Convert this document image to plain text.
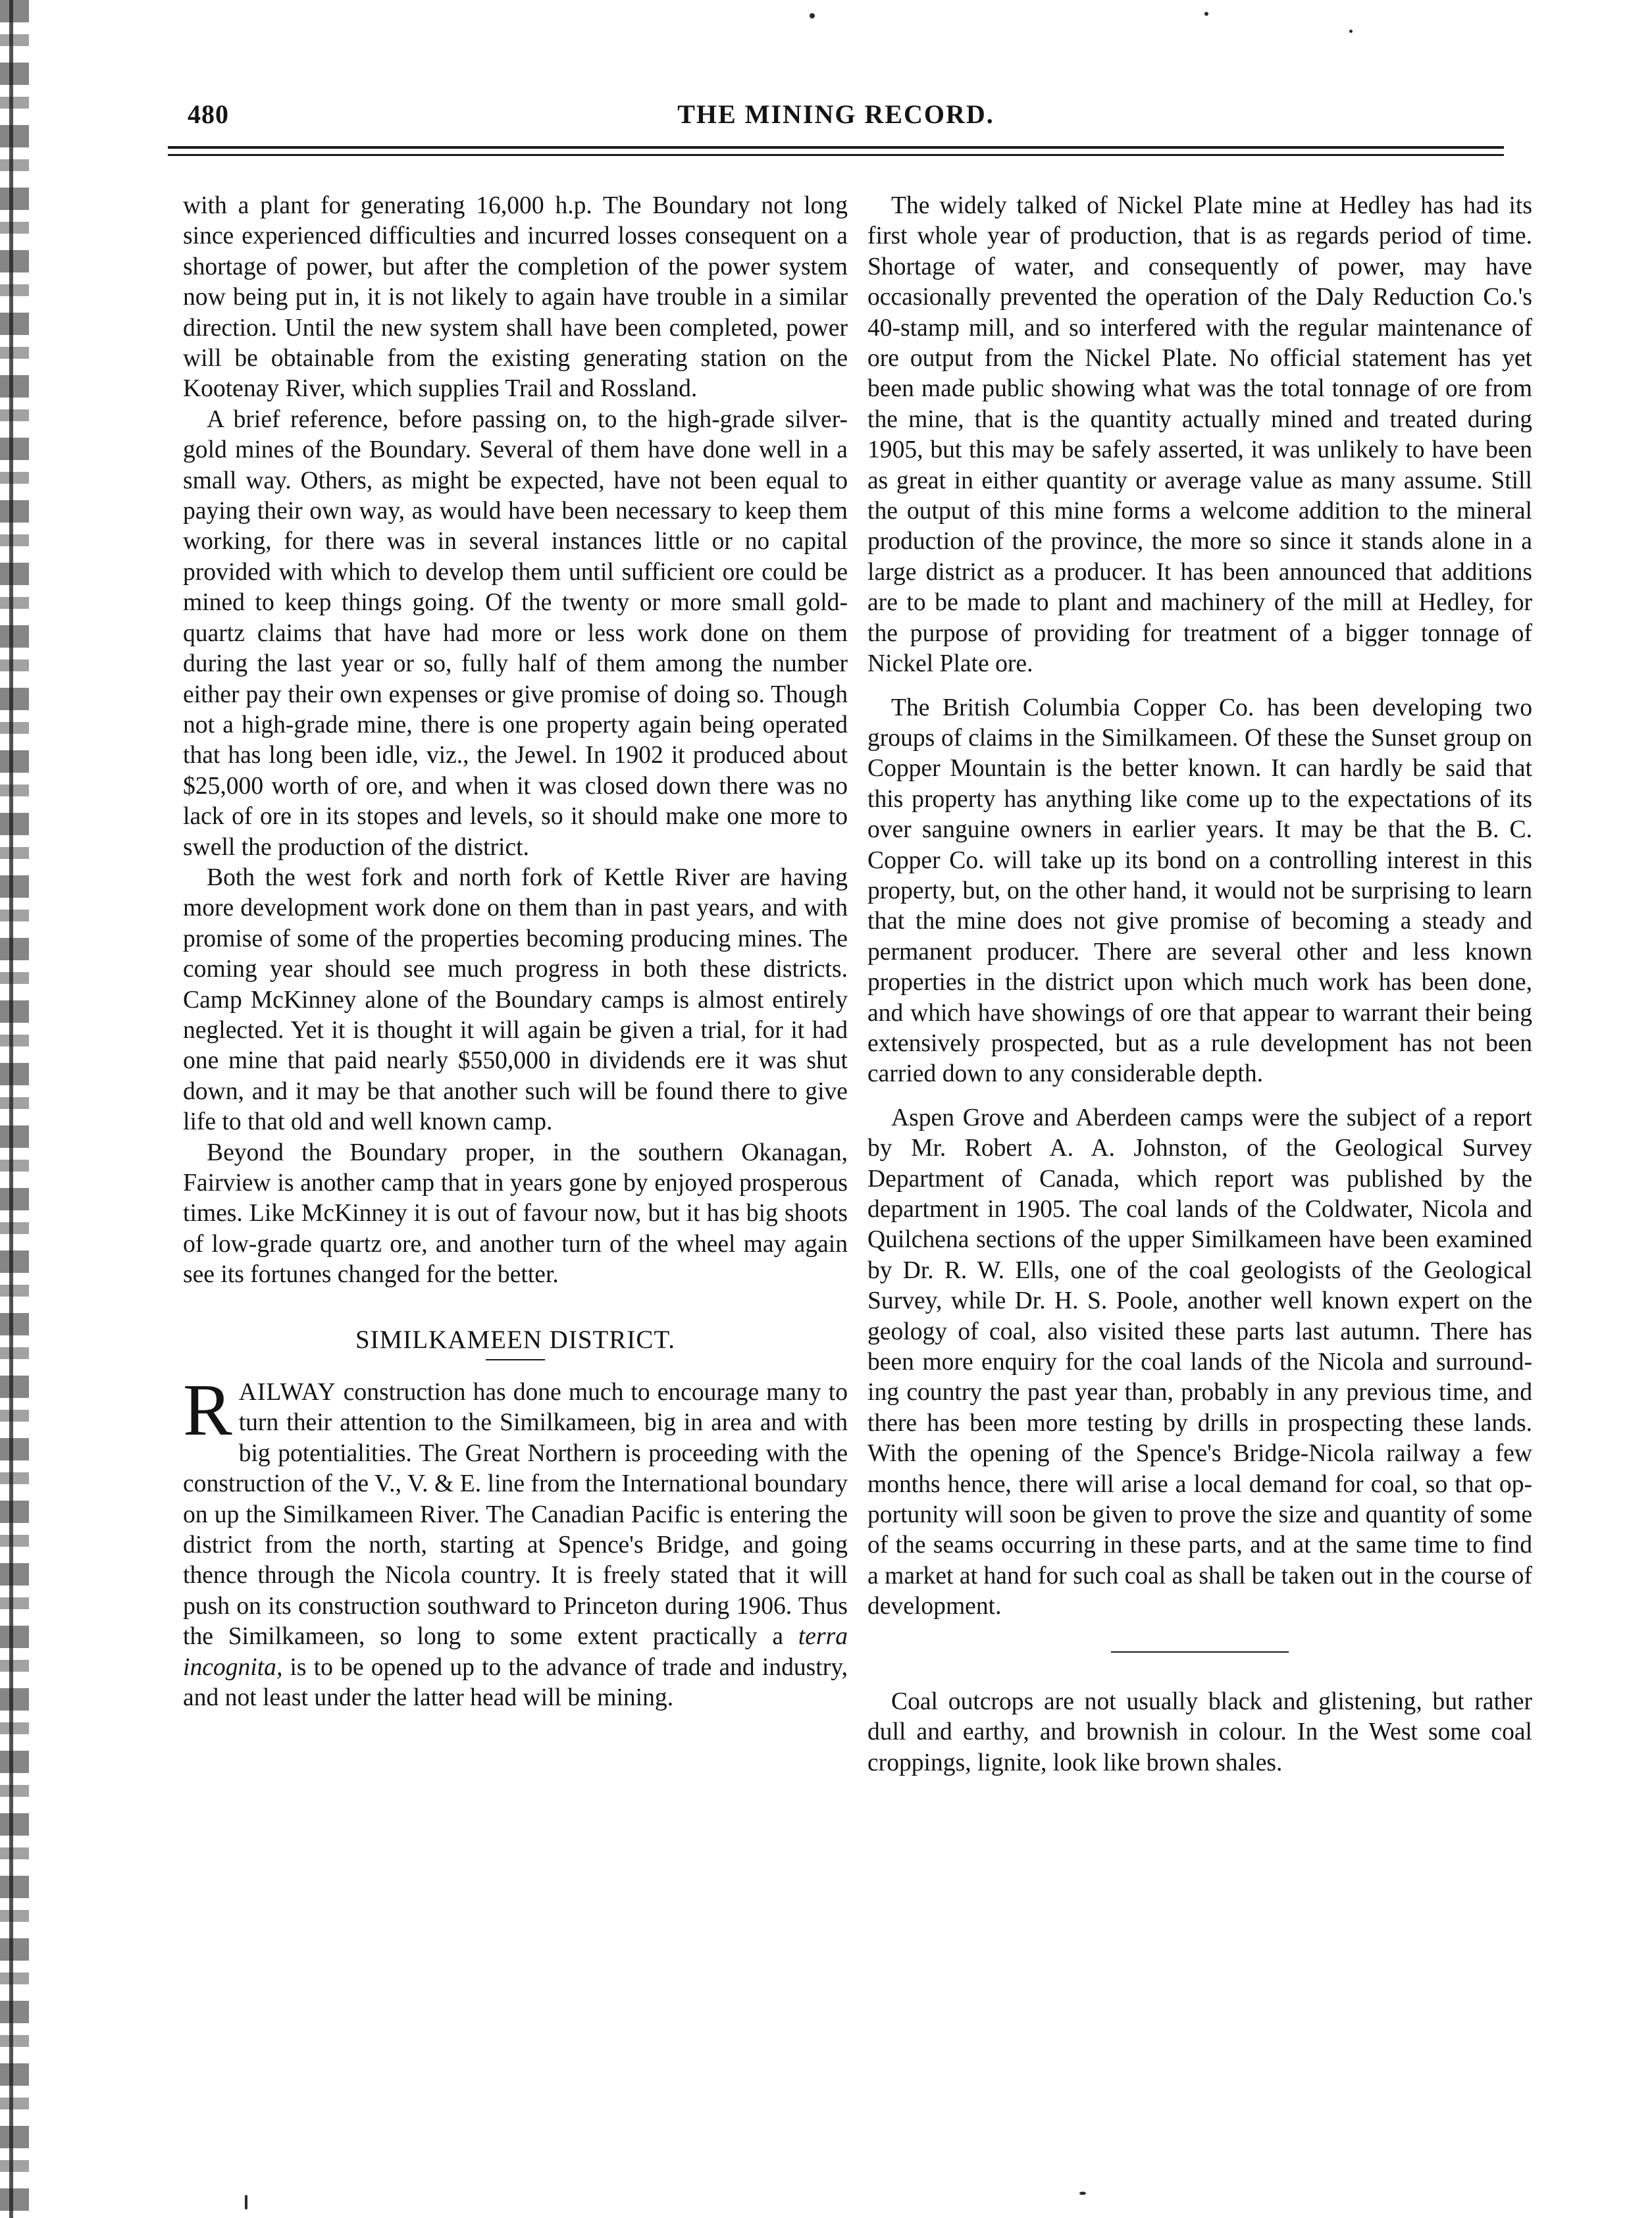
480	THE MINING RECORD.

with a plant for generating 16,000 h.p. The Boundary not long since experienced difficulties and incurred losses consequent on a shortage of power, but after the completion of the power system now being put in, it is not likely to again have trouble in a similar direction. Until the new system shall have been completed, power will be obtainable from the existing generating station on the Kootenay River, which supplies Trail and Rossland.

A brief reference, before passing on, to the high-grade silver-gold mines of the Boundary. Several of them have done well in a small way. Others, as might be expected, have not been equal to paying their own way, as would have been necessary to keep them working, for there was in several instances little or no capital provided with which to develop them until sufficient ore could be mined to keep things going. Of the twenty or more small gold-quartz claims that have had more or less work done on them during the last year or so, fully half of them among the number either pay their own expenses or give promise of doing so. Though not a high-grade mine, there is one property again being operated that has long been idle, viz., the Jewel. In 1902 it produced about $25,000 worth of ore, and when it was closed down there was no lack of ore in its stopes and levels, so it should make one more to swell the production of the district.

Both the west fork and north fork of Kettle River are having more development work done on them than in past years, and with promise of some of the properties becoming producing mines. The coming year should see much progress in both these districts. Camp McKinney alone of the Boundary camps is almost entirely neglected. Yet it is thought it will again be given a trial, for it had one mine that paid nearly $550,000 in dividends ere it was shut down, and it may be that another such will be found there to give life to that old and well known camp.

Beyond the Boundary proper, in the southern Okanagan, Fairview is another camp that in years gone by enjoyed prosperous times. Like McKinney it is out of favour now, but it has big shoots of low-grade quartz ore, and another turn of the wheel may again see its fortunes changed for the better.

SIMILKAMEEN DISTRICT.

RAILWAY construction has done much to encourage many to turn their attention to the Similkameen, big in area and with big potentialities. The Great Northern is proceeding with the construction of the V., V. & E. line from the International boundary on up the Similkameen River. The Canadian Pacific is entering the district from the north, starting at Spence's Bridge, and going thence through the Nicola country. It is freely stated that it will push on its construction southward to Princeton during 1906. Thus the Similkameen, so long to some extent practically a terra incognita, is to be opened up to the advance of trade and industry, and not least under the latter head will be mining.

The widely talked of Nickel Plate mine at Hedley has had its first whole year of production, that is as regards period of time. Shortage of water, and consequently of power, may have occasionally prevented the operation of the Daly Reduction Co.'s 40-stamp mill, and so interfered with the regular maintenance of ore output from the Nickel Plate. No official statement has yet been made public showing what was the total tonnage of ore from the mine, that is the quantity actually mined and treated during 1905, but this may be safely asserted, it was unlikely to have been as great in either quantity or average value as many assume. Still the output of this mine forms a welcome addition to the mineral production of the province, the more so since it stands alone in a large district as a producer. It has been announced that additions are to be made to plant and machinery of the mill at Hedley, for the purpose of providing for treatment of a bigger tonnage of Nickel Plate ore.

The British Columbia Copper Co. has been developing two groups of claims in the Similkameen. Of these the Sunset group on Copper Mountain is the better known. It can hardly be said that this property has anything like come up to the expectations of its over sanguine owners in earlier years. It may be that the B. C. Copper Co. will take up its bond on a controlling interest in this property, but, on the other hand, it would not be surprising to learn that the mine does not give promise of becoming a steady and permanent producer. There are several other and less known properties in the district upon which much work has been done, and which have showings of ore that appear to warrant their being extensively prospected, but as a rule development has not been carried down to any considerable depth.

Aspen Grove and Aberdeen camps were the subject of a report by Mr. Robert A. A. Johnston, of the Geological Survey Department of Canada, which report was published by the department in 1905. The coal lands of the Coldwater, Nicola and Quilchena sections of the upper Similkameen have been examined by Dr. R. W. Ells, one of the coal geologists of the Geological Survey, while Dr. H. S. Poole, another well known expert on the geology of coal, also visited these parts last autumn. There has been more enquiry for the coal lands of the Nicola and surrounding country the past year than, probably in any previous time, and there has been more testing by drills in prospecting these lands. With the opening of the Spence's Bridge-Nicola railway a few months hence, there will arise a local demand for coal, so that opportunity will soon be given to prove the size and quantity of some of the seams occurring in these parts, and at the same time to find a market at hand for such coal as shall be taken out in the course of development.

Coal outcrops are not usually black and glistening, but rather dull and earthy, and brownish in colour. In the West some coal croppings, lignite, look like brown shales.
